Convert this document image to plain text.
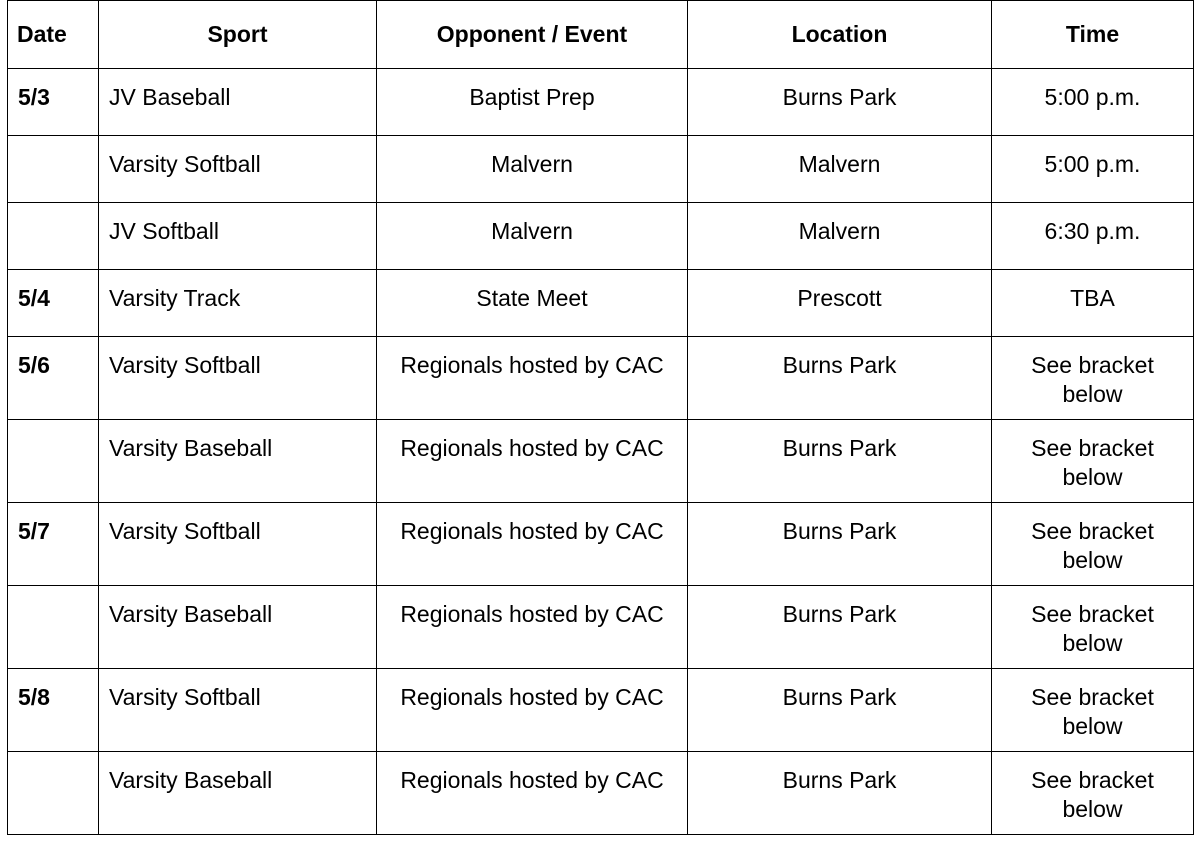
Date	Sport	Opponent / Event	Location	Time
5/3	JV Baseball	Baptist Prep	Burns Park	5:00 p.m.

	Varsity Softball	Malvern	Malvern	5:00 p.m.

	JV Softball	Malvern	Malvern	6:30 p.m.

5/4	Varsity Track	State Meet	Prescott	TBA

5/6	Varsity Softball	Regionals hosted by CAC	Burns Park	See bracket
below

	Varsity Baseball	Regionals hosted by CAC	Burns Park	See bracket
below

5/7	Varsity Softball	Regionals hosted by CAC	Burns Park	See bracket
below

	Varsity Baseball	Regionals hosted by CAC	Burns Park	See bracket
below

5/8	Varsity Softball	Regionals hosted by CAC	Burns Park	See bracket
below

	Varsity Baseball	Regionals hosted by CAC	Burns Park	See bracket
below
